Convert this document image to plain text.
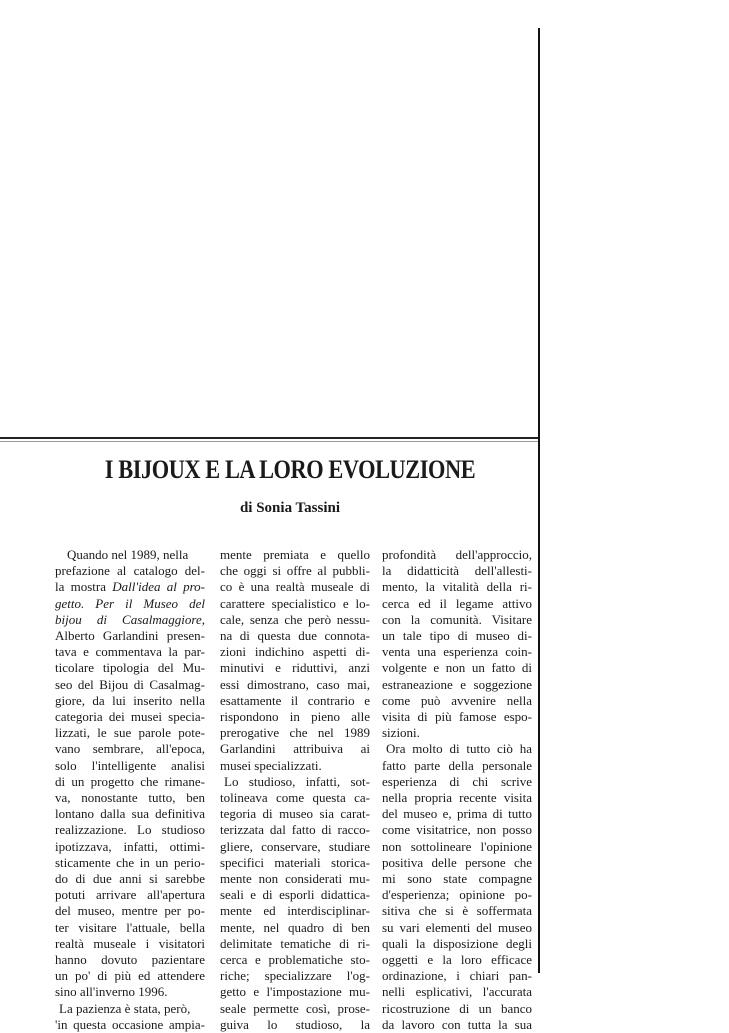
I BIJOUX E LA LORO EVOLUZIONE
di Sonia Tassini
Quando nel 1989, nella
prefazione al catalogo del-
la mostra Dall'idea al pro-
getto. Per il Museo del
bijou di Casalmaggiore,
Alberto Garlandini presen-
tava e commentava la par-
ticolare tipologia del Mu-
seo del Bijou di Casalmag-
giore, da lui inserito nella
categoria dei musei specia-
lizzati, le sue parole pote-
vano sembrare, all'epoca,
solo l'intelligente analisi
di un progetto che rimane-
va, nonostante tutto, ben
lontano dalla sua definitiva
realizzazione. Lo studioso
ipotizzava, infatti, ottimi-
sticamente che in un perio-
do di due anni si sarebbe
potuti arrivare all'apertura
del museo, mentre per po-
ter visitare l'attuale, bella
realtà museale i visitatori
hanno dovuto pazientare
un po' di più ed attendere
sino all'inverno 1996.
La pazienza è stata, però,
'in questa occasione ampia-
mente premiata e quello
che oggi si offre al pubbli-
co è una realtà museale di
carattere specialistico e lo-
cale, senza che però nessu-
na di questa due connota-
zioni indichino aspetti di-
minutivi e riduttivi, anzi
essi dimostrano, caso mai,
esattamente il contrario e
rispondono in pieno alle
prerogative che nel 1989
Garlandini attribuiva ai
musei specializzati.
Lo studioso, infatti, sot-
tolineava come questa ca-
tegoria di museo sia carat-
terizzata dal fatto di racco-
gliere, conservare, studiare
specifici materiali storica-
mente non considerati mu-
seali e di esporli didattica-
mente ed interdisciplinar-
mente, nel quadro di ben
delimitate tematiche di ri-
cerca e problematiche sto-
riche; specializzare l'og-
getto e l'impostazione mu-
seale permette così, prose-
guiva lo studioso, la
profondità dell'approccio,
la didatticità dell'allesti-
mento, la vitalità della ri-
cerca ed il legame attivo
con la comunità. Visitare
un tale tipo di museo di-
venta una esperienza coin-
volgente e non un fatto di
estraneazione e soggezione
come può avvenire nella
visita di più famose espo-
sizioni.
Ora molto di tutto ciò ha
fatto parte della personale
esperienza di chi scrive
nella propria recente visita
del museo e, prima di tutto
come visitatrice, non posso
non sottolineare l'opinione
positiva delle persone che
mi sono state compagne
d'esperienza; opinione po-
sitiva che si è soffermata
su vari elementi del museo
quali la disposizione degli
oggetti e la loro efficace
ordinazione, i chiari pan-
nelli esplicativi, l'accurata
ricostruzione di un banco
da lavoro con tutta la sua
